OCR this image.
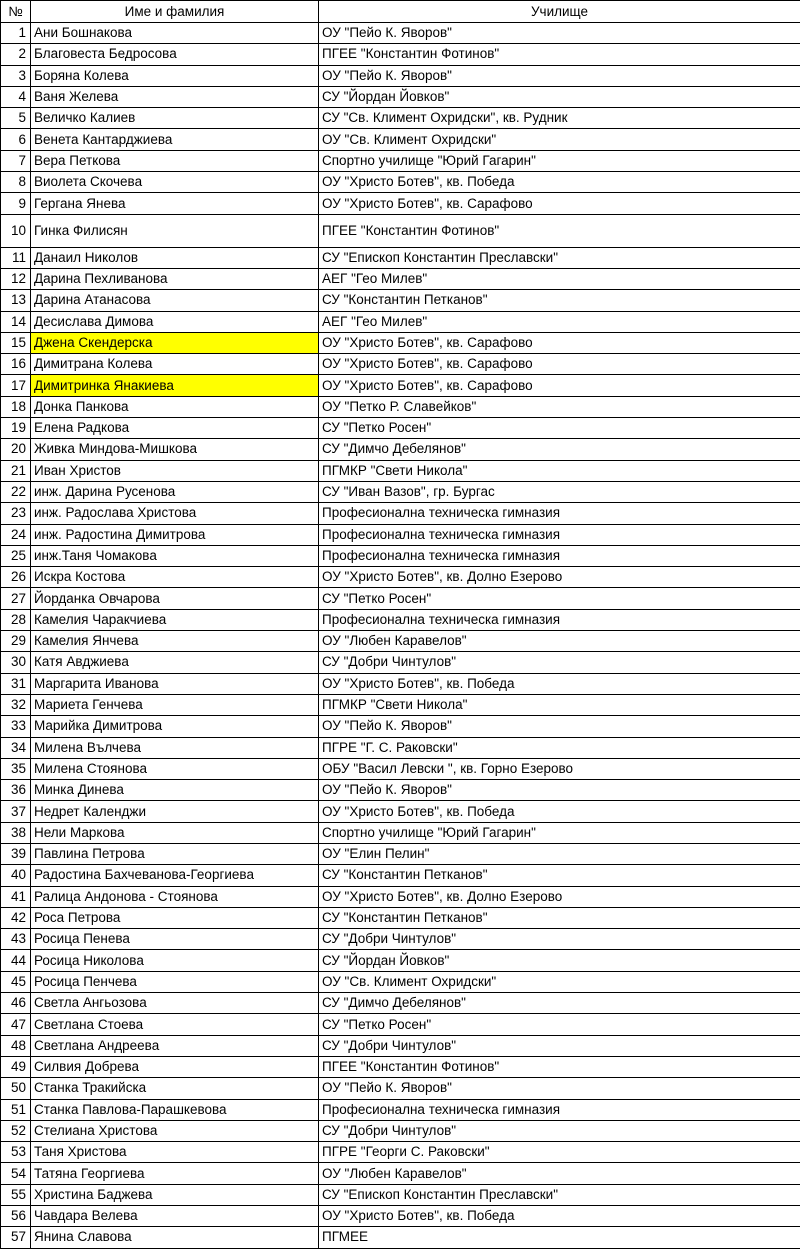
№	Име и фамилия	Училище
1	Ани Бошнакова	ОУ "Пейо К. Яворов"
2	Благовеста Бедросова	ПГЕЕ "Константин Фотинов"
3	Боряна Колева	ОУ "Пейо К. Яворов"
4	Ваня Желева	СУ "Йордан Йовков"
5	Величко Калиев	СУ "Св. Климент Охридски", кв. Рудник
6	Венета Кантарджиева	ОУ "Св. Климент Охридски"
7	Вера Петкова	Спортно училище "Юрий Гагарин"
8	Виолета Скочева	ОУ "Христо Ботев", кв. Победа
9	Гергана Янева	ОУ "Христо Ботев", кв. Сарафово
10	Гинка Филисян	ПГЕЕ "Константин Фотинов"
11	Данаил Николов	СУ "Епископ Константин Преславски"
12	Дарина Пехливанова	АЕГ "Гео Милев"
13	Дарина Атанасова	СУ "Константин Петканов"
14	Десислава Димова	АЕГ "Гео Милев"
15	Джена Скендерска	ОУ "Христо Ботев", кв. Сарафово
16	Димитрана Колева	ОУ "Христо Ботев", кв. Сарафово
17	Димитринка Янакиева	ОУ "Христо Ботев", кв. Сарафово
18	Донка Панкова	ОУ "Петко Р. Славейков"
19	Елена Радкова	СУ "Петко Росен"
20	Живка Миндова-Мишкова	СУ "Димчо Дебелянов"
21	Иван Христов	ПГМКР "Свети Никола"
22	инж. Дарина Русенова	СУ "Иван Вазов", гр. Бургас
23	инж. Радослава Христова	Професионална техническа гимназия
24	инж. Радостина Димитрова	Професионална техническа гимназия
25	инж.Таня Чомакова	Професионална техническа гимназия
26	Искра Костова	ОУ "Христо Ботев", кв. Долно Езерово
27	Йорданка Овчарова	СУ "Петко Росен"
28	Камелия Чаракчиева	Професионална техническа гимназия
29	Камелия Янчева	ОУ "Любен Каравелов"
30	Катя Авджиева	СУ "Добри Чинтулов"
31	Маргарита Иванова	ОУ "Христо Ботев", кв. Победа
32	Мариета Генчева	ПГМКР "Свети Никола"
33	Марийка Димитрова	ОУ "Пейо К. Яворов"
34	Милена Вълчева	ПГРЕ "Г. С. Раковски"
35	Милена Стоянова	ОБУ "Васил Левски ", кв. Горно Езерово
36	Минка Динева	ОУ "Пейо К. Яворов"
37	Недрет Календжи	ОУ "Христо Ботев", кв. Победа
38	Нели Маркова	Спортно училище "Юрий Гагарин"
39	Павлина Петрова	ОУ "Елин Пелин"
40	Радостина Бахчеванова-Георгиева	СУ "Константин Петканов"
41	Ралица Андонова - Стоянова	ОУ "Христо Ботев", кв. Долно Езерово
42	Роса Петрова	СУ "Константин Петканов"
43	Росица Пенева	СУ "Добри Чинтулов"
44	Росица Николова	СУ "Йордан Йовков"
45	Росица Пенчева	ОУ "Св. Климент Охридски"
46	Светла Ангьозова	СУ "Димчо Дебелянов"
47	Светлана Стоева	СУ "Петко Росен"
48	Светлана Андреева	СУ "Добри Чинтулов"
49	Силвия Добрева	ПГЕЕ "Константин Фотинов"
50	Станка Тракийска	ОУ "Пейо К. Яворов"
51	Станка Павлова-Парашкевова	Професионална техническа гимназия
52	Стелиана Христова	СУ "Добри Чинтулов"
53	Таня Христова	ПГРЕ "Георги С. Раковски"
54	Татяна Георгиева	ОУ "Любен Каравелов"
55	Христина Баджева	СУ "Епископ Константин Преславски"
56	Чавдара Велева	ОУ "Христо Ботев", кв. Победа
57	Янина Славова	ПГМЕЕ
